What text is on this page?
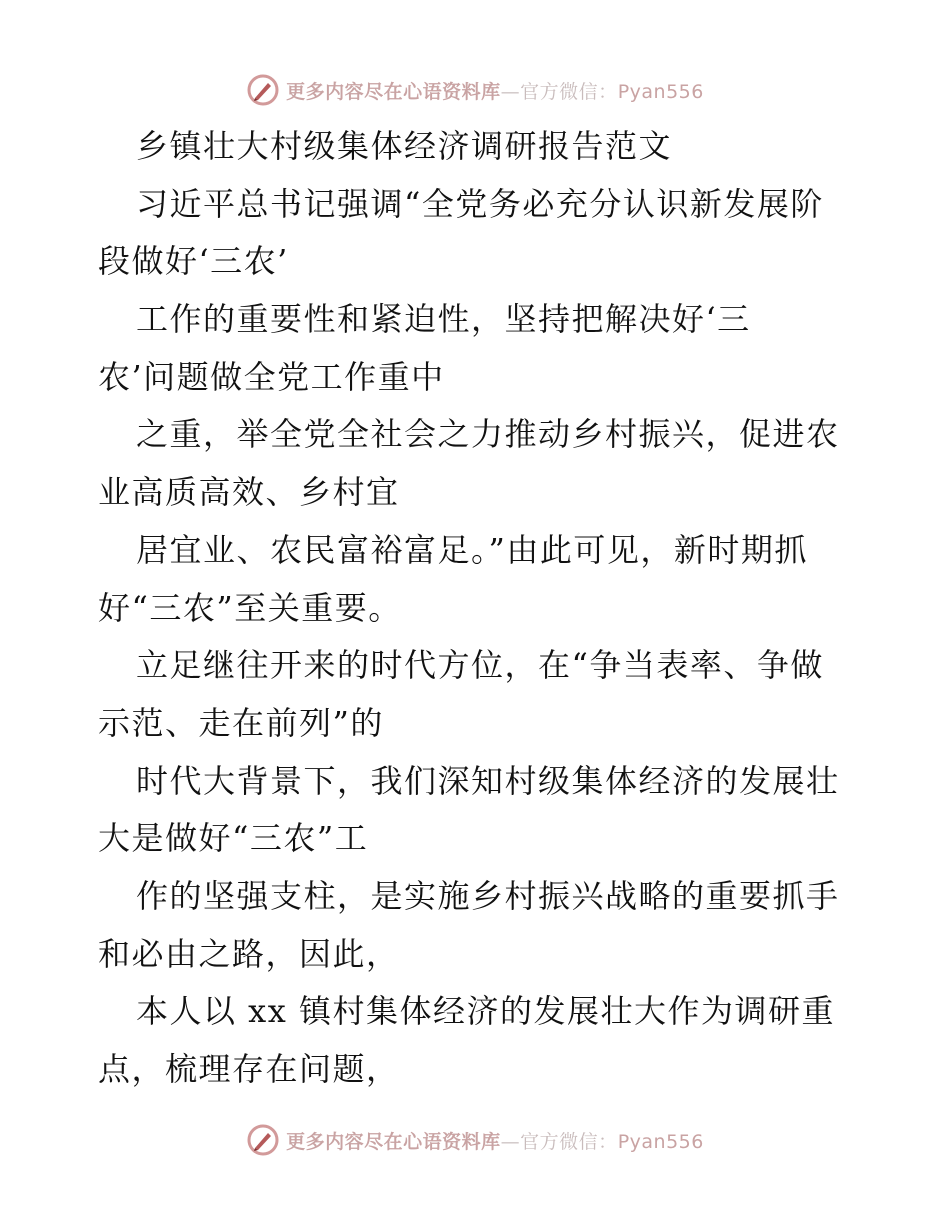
更多内容尽在心语资料库—官方微信：Pyan556
乡镇壮大村级集体经济调研报告范文
习近平总书记强调“全党务必充分认识新发展阶
段做好‘三农’
工作的重要性和紧迫性，坚持把解决好‘三
农’问题做全党工作重中
之重，举全党全社会之力推动乡村振兴，促进农
业高质高效、乡村宜
居宜业、农民富裕富足。”由此可见，新时期抓
好“三农”至关重要。
立足继往开来的时代方位，在“争当表率、争做
示范、走在前列”的
时代大背景下，我们深知村级集体经济的发展壮
大是做好“三农”工
作的坚强支柱，是实施乡村振兴战略的重要抓手
和必由之路，因此，
本人以 xx 镇村集体经济的发展壮大作为调研重
点，梳理存在问题，
更多内容尽在心语资料库—官方微信：Pyan556
